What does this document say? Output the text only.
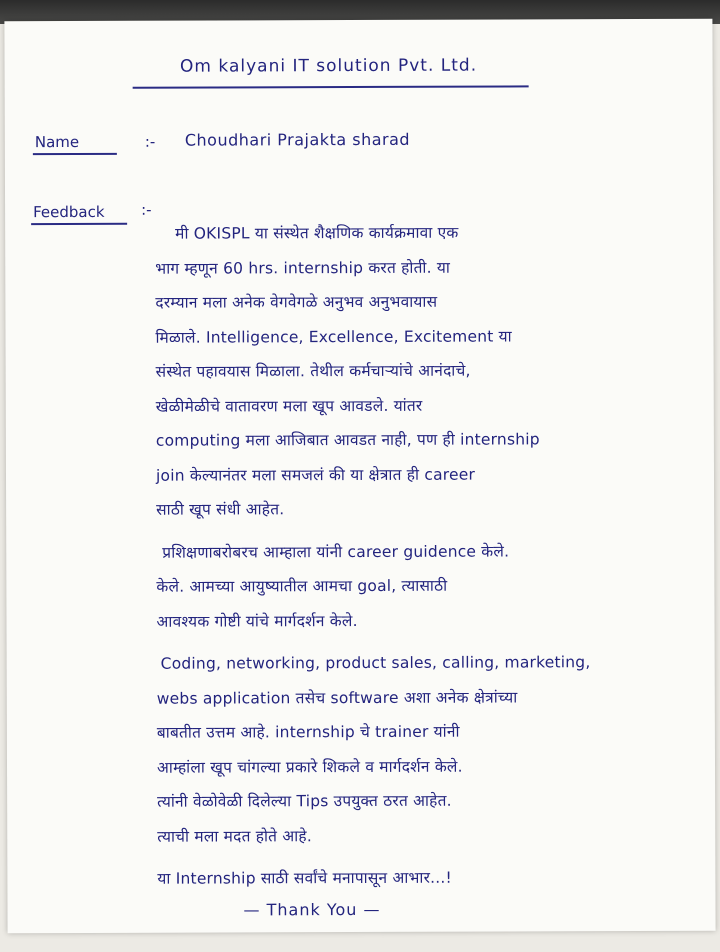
Om kalyani IT solution Pvt. Ltd.
Name	:- Choudhari Prajakta sharad
Feedback :-
मी OKISPL या संस्थेत शैक्षणिक कार्यक्रमावा एक
भाग म्हणून 60 hrs. internship करत होती. या
दरम्यान मला अनेक वेगवेगळे अनुभव अनुभवायास
मिळाले. Intelligence, Excellence, Excitement या
संस्थेत पहावयास मिळाला. तेथील कर्मचाऱ्यांचे आनंदाचे,
खेळीमेळीचे वातावरण मला खूप आवडले. यांतर
computing मला आजिबात आवडत नाही, पण ही internship
join केल्यानंतर मला समजलं की या क्षेत्रात ही career
साठी खूप संधी आहेत.
प्रशिक्षणाबरोबरच आम्हाला यांनी career guidence केले.
केले. आमच्या आयुष्यातील आमचा goal, त्यासाठी
आवश्यक गोष्टी यांचे मार्गदर्शन केले.
Coding, networking, product sales, calling, marketing,
webs application तसेच software अशा अनेक क्षेत्रांच्या
बाबतीत उत्तम आहे. internship चे trainer यांनी
आम्हांला खूप चांगल्या प्रकारे शिकले व मार्गदर्शन केले.
त्यांनी वेळोवेळी दिलेल्या Tips उपयुक्त ठरत आहेत.
त्याची मला मदत होते आहे.
या Internship साठी सर्वांचे मनापासून आभार...!
— Thank You —
